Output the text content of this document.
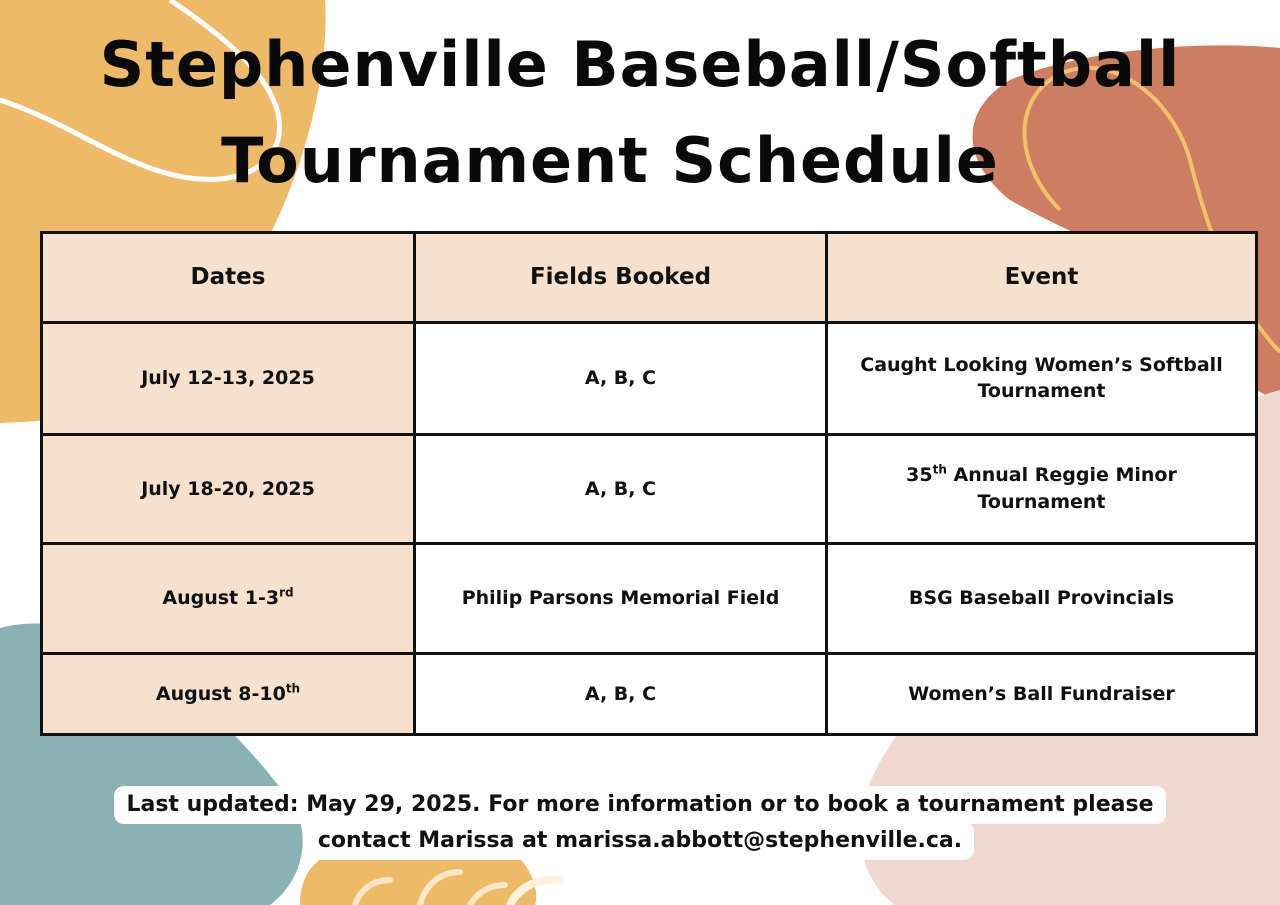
Stephenville Baseball/Softball
Tournament Schedule
Dates	Fields Booked	Event
July 12-13, 2025	A, B, C	Caught Looking Women’s Softball Tournament
July 18-20, 2025	A, B, C	35th Annual Reggie Minor Tournament
August 1-3rd	Philip Parsons Memorial Field	BSG Baseball Provincials
August 8-10th	A, B, C	Women’s Ball Fundraiser
Last updated: May 29, 2025. For more information or to book a tournament please
contact Marissa at marissa.abbott@stephenville.ca.
